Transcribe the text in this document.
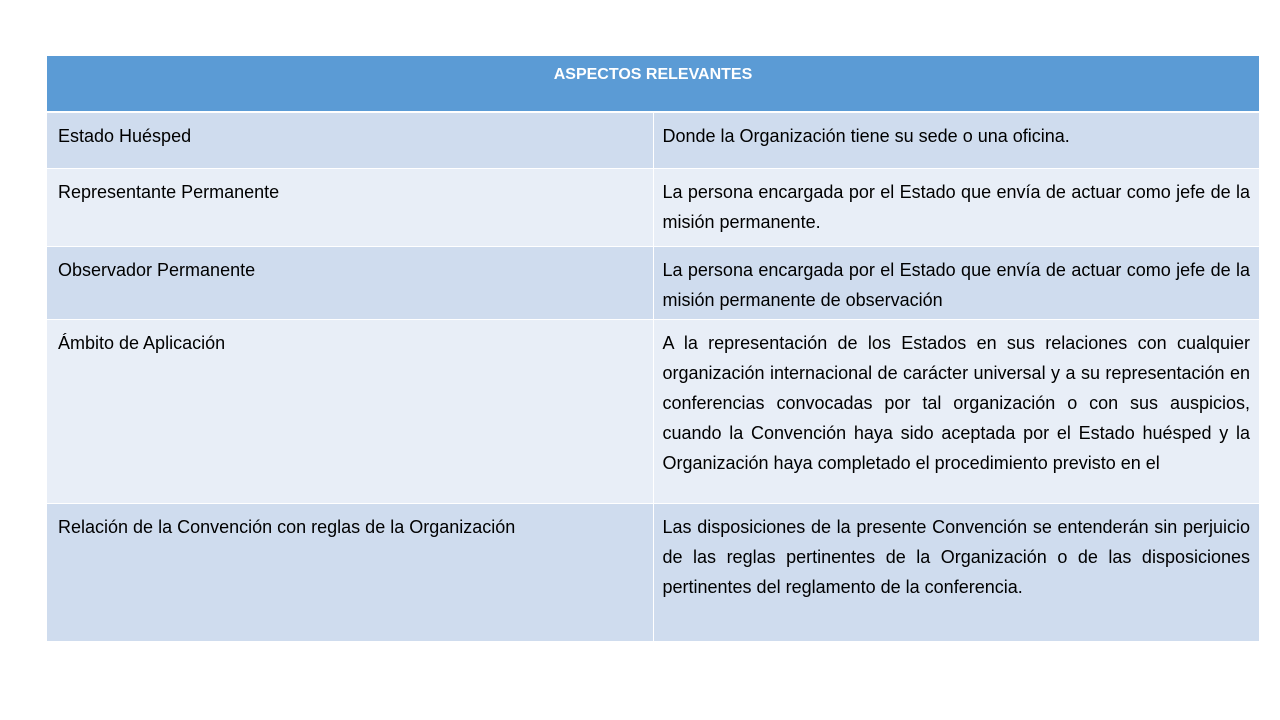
ASPECTOS RELEVANTES	
Estado Huésped	Donde la Organización tiene su sede o una oficina.
Representante Permanente	La persona encargada por el Estado que envía de actuar como jefe de la misión permanente.
Observador Permanente	La persona encargada por el Estado que envía de actuar como jefe de la misión permanente de observación
Ámbito de Aplicación	A la representación de los Estados en sus relaciones con cualquier organización internacional de carácter universal y a su representación en conferencias convocadas por tal organización o con sus auspicios, cuando la Convención haya sido aceptada por el Estado huésped y la Organización haya completado el procedimiento previsto en el
Relación de la Convención con reglas de la Organización	Las disposiciones de la presente Convención se entenderán sin perjuicio de las reglas pertinentes de la Organización o de las disposiciones pertinentes del reglamento de la conferencia.
